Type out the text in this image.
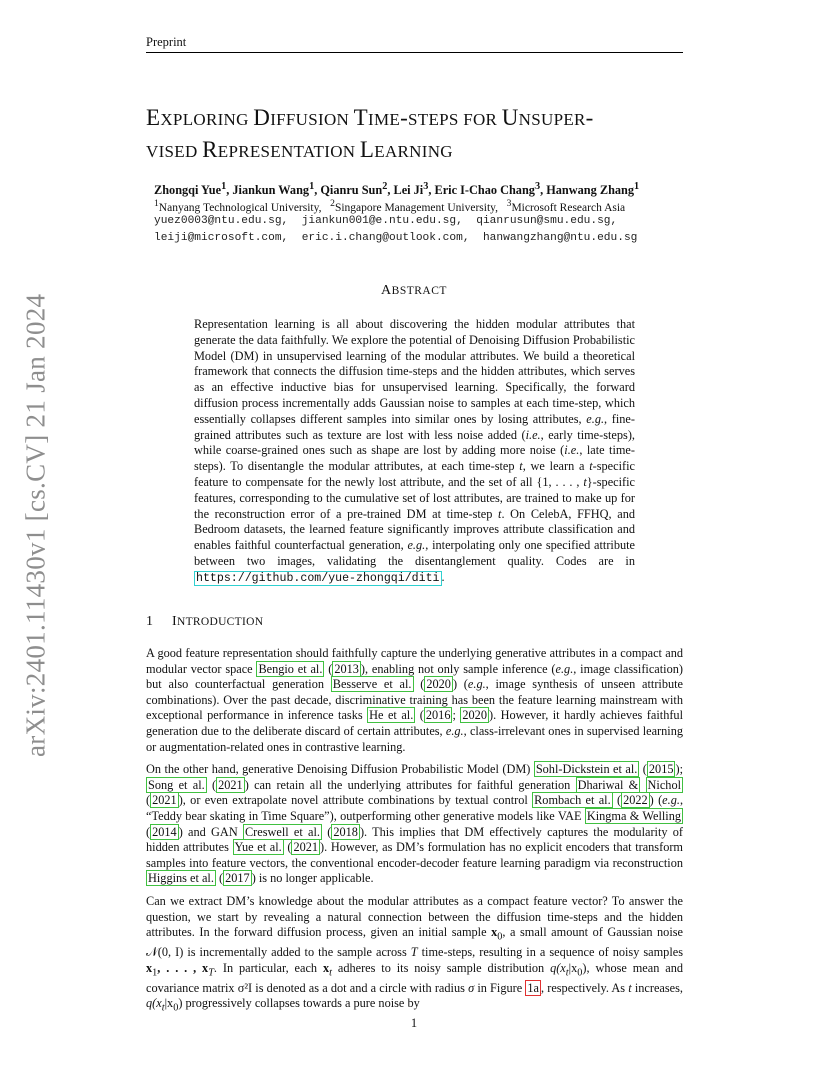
Preprint
arXiv:2401.11430v1 [cs.CV] 21 Jan 2024
EXPLORING DIFFUSION TIME-STEPS FOR UNSUPER-
VISED REPRESENTATION LEARNING
Zhongqi Yue$^1$, Jiankun Wang$^1$, Qianru Sun$^2$, Lei Ji$^3$, Eric I-Chao Chang$^3$, Hanwang Zhang$^1$
$^1$Nanyang Technological University, $^2$Singapore Management University, $^3$Microsoft Research Asia
yuez0003@ntu.edu.sg,  jiankun001@e.ntu.edu.sg,  qianrusun@smu.edu.sg,
leiji@microsoft.com,  eric.i.chang@outlook.com,  hanwangzhang@ntu.edu.sg
ABSTRACT

Representation learning is all about discovering the hidden modular attributes that generate the data faithfully. We explore the potential of Denoising Diffusion Probabilistic Model (DM) in unsupervised learning of the modular attributes. We build a theoretical framework that connects the diffusion time-steps and the hidden attributes, which serves as an effective inductive bias for unsupervised learning. Specifically, the forward diffusion process incrementally adds Gaussian noise to samples at each time-step, which essentially collapses different samples into similar ones by losing attributes, e.g., fine-grained attributes such as texture are lost with less noise added (i.e., early time-steps), while coarse-grained ones such as shape are lost by adding more noise (i.e., late time-steps). To disentangle the modular attributes, at each time-step t, we learn a t-specific feature to compensate for the newly lost attribute, and the set of all {1, . . . , t}-specific features, corresponding to the cumulative set of lost attributes, are trained to make up for the reconstruction error of a pre-trained DM at time-step t. On CelebA, FFHQ, and Bedroom datasets, the learned feature significantly improves attribute classification and enables faithful counterfactual generation, e.g., interpolating only one specified attribute between two images, validating the disentanglement quality. Codes are in https://github.com/yue-zhongqi/diti .

1 INTRODUCTION

A good feature representation should faithfully capture the underlying generative attributes in a compact and modular vector space Bengio et al. ( 2013 ), enabling not only sample inference (e.g., image classification) but also counterfactual generation Besserve et al. ( 2020 ) (e.g., image synthesis of unseen attribute combinations). Over the past decade, discriminative training has been the feature learning mainstream with exceptional performance in inference tasks He et al. ( 2016 ; 2020 ). However, it hardly achieves faithful generation due to the deliberate discard of certain attributes, e.g., class-irrelevant ones in supervised learning or augmentation-related ones in contrastive learning.

On the other hand, generative Denoising Diffusion Probabilistic Model (DM) Sohl-Dickstein et al. ( 2015 ); Song et al. ( 2021 ) can retain all the underlying attributes for faithful generation Dhariwal & Nichol ( 2021 ), or even extrapolate novel attribute combinations by textual control Rombach et al. ( 2022 ) (e.g., “Teddy bear skating in Time Square”), outperforming other generative models like VAE Kingma & Welling ( 2014 ) and GAN Creswell et al. ( 2018 ). This implies that DM effectively captures the modularity of hidden attributes Yue et al. ( 2021 ). However, as DM’s formulation has no explicit encoders that transform samples into feature vectors, the conventional encoder-decoder feature learning paradigm via reconstruction Higgins et al. ( 2017 ) is no longer applicable.

Can we extract DM’s knowledge about the modular attributes as a compact feature vector? To answer the question, we start by revealing a natural connection between the diffusion time-steps and the hidden attributes. In the forward diffusion process, given an initial sample $x_0$, a small amount of Gaussian noise 𝒩(0, I) is incrementally added to the sample across T time-steps, resulting in a sequence of noisy samples $x_1$, . . . , $x_T$. In particular, each $x_t$ adheres to its noisy sample distribution $q(x_t|x_0)$, whose mean and covariance matrix σ²I is denoted as a dot and a circle with radius σ in Figure 1a , respectively. As t increases, $q(x_t|x_0)$ progressively collapses towards a pure noise by

1
